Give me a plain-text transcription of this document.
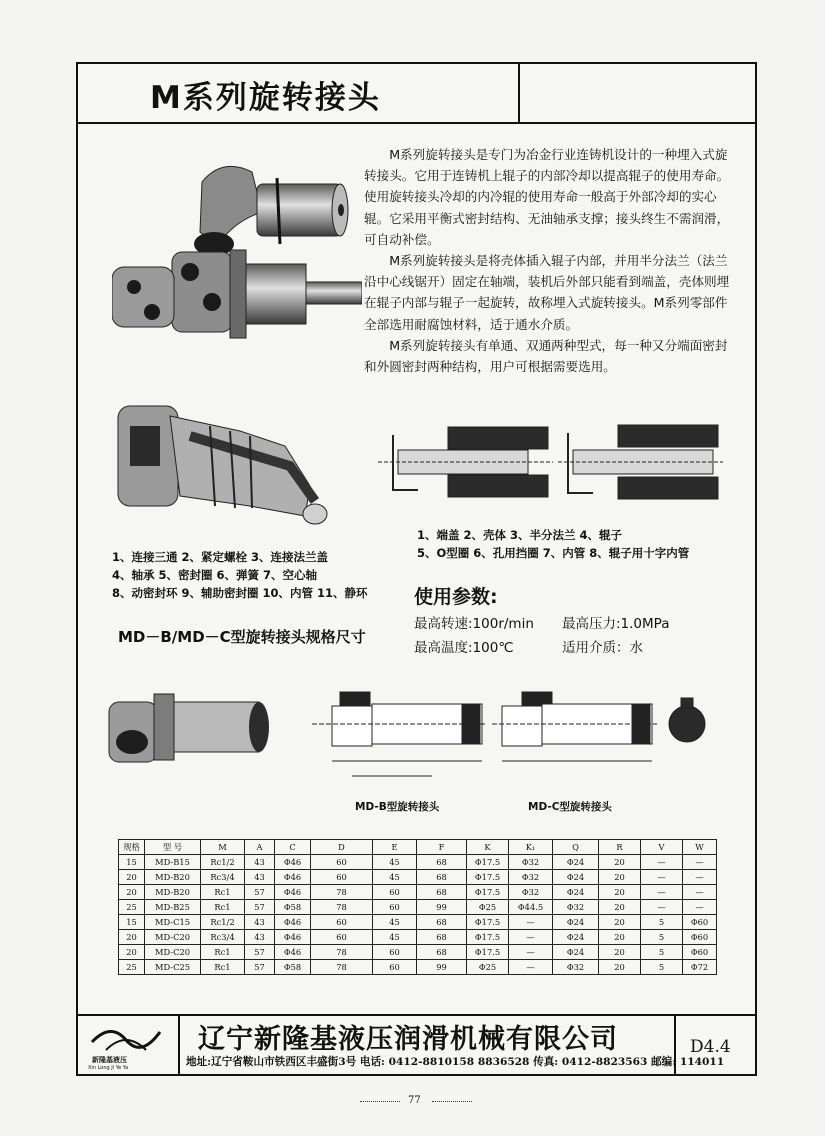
M系列旋转接头

M系列旋转接头是专门为冶金行业连铸机设计的一种埋入式旋转接头。它用于连铸机上辊子的内部冷却以提高辊子的使用寿命。使用旋转接头冷却的内冷辊的使用寿命一般高于外部冷却的实心辊。它采用平衡式密封结构、无油轴承支撑；接头终生不需润滑，可自动补偿。

M系列旋转接头是将壳体插入辊子内部，并用半分法兰（法兰沿中心线锯开）固定在轴端，装机后外部只能看到端盖，壳体则埋在辊子内部与辊子一起旋转，故称埋入式旋转接头。M系列零部件全部选用耐腐蚀材料，适于通水介质。

M系列旋转接头有单通、双通两种型式，每一种又分端面密封和外圆密封两种结构，用户可根据需要选用。

1、连接三通 2、紧定螺栓 3、连接法兰盖
4、轴承 5、密封圈 6、弹簧 7、空心轴
8、动密封环 9、辅助密封圈 10、内管 11、静环
1、端盖 2、壳体 3、半分法兰 4、辊子
5、O型圈 6、孔用挡圈 7、内管 8、辊子用十字内管
使用参数:
最高转速:100r/min 最高压力:1.0MPa
最高温度:100℃	适用介质：水
MD－B/MD－C型旋转接头规格尺寸
MD-B型旋转接头	MD-C型旋转接头
规格	型 号	M	A	C	D	E	F	K	K₁	Q	R	V	W
15	MD-B15	Rc1/2	43	Φ46	60	45	68	Φ17.5	Φ32	Φ24	20	—	—
20	MD-B20	Rc3/4	43	Φ46	60	45	68	Φ17.5	Φ32	Φ24	20	—	—
20	MD-B20	Rc1	57	Φ46	78	60	68	Φ17.5	Φ32	Φ24	20	—	—
25	MD-B25	Rc1	57	Φ58	78	60	99	Φ25	Φ44.5	Φ32	20	—	—
15	MD-C15	Rc1/2	43	Φ46	60	45	68	Φ17.5	—	Φ24	20	5	Φ60
20	MD-C20	Rc3/4	43	Φ46	60	45	68	Φ17.5	—	Φ24	20	5	Φ60
20	MD-C20	Rc1	57	Φ46	78	60	68	Φ17.5	—	Φ24	20	5	Φ60
25	MD-C25	Rc1	57	Φ58	78	60	99	Φ25	—	Φ32	20	5	Φ72
新隆基液压
Xin Long Ji Ye Ya
辽宁新隆基液压润滑机械有限公司
地址:辽宁省鞍山市铁西区丰盛街3号 电话: 0412-8810158 8836528 传真: 0412-8823563 邮编: 114011
D4.4
77
